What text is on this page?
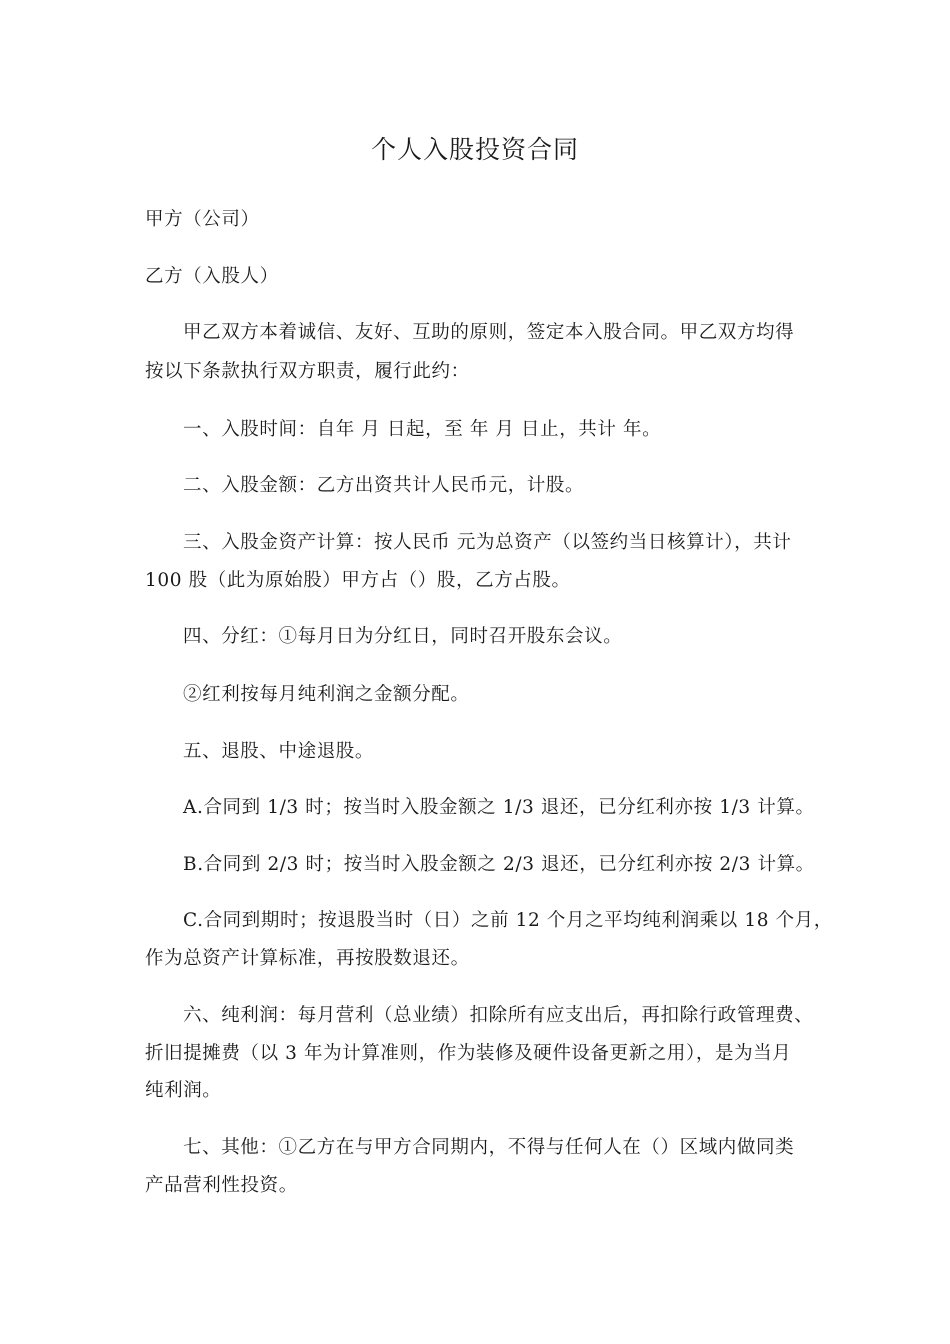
个人入股投资合同
甲方（公司）
乙方（入股人）
甲乙双方本着诚信、友好、互助的原则，签定本入股合同。甲乙双方均得
按以下条款执行双方职责，履行此约：
一、入股时间：自年 月 日起，至 年 月 日止，共计 年。
二、入股金额：乙方出资共计人民币元，计股。
三、入股金资产计算：按人民币 元为总资产（以签约当日核算计），共计
100 股（此为原始股）甲方占（）股，乙方占股。
四、分红：①每月日为分红日，同时召开股东会议。
②红利按每月纯利润之金额分配。
五、退股、中途退股。
A.合同到 1/3 时；按当时入股金额之 1/3 退还，已分红利亦按 1/3 计算。
B.合同到 2/3 时；按当时入股金额之 2/3 退还，已分红利亦按 2/3 计算。
C.合同到期时；按退股当时（日）之前 12 个月之平均纯利润乘以 18 个月，
作为总资产计算标准，再按股数退还。
六、纯利润：每月营利（总业绩）扣除所有应支出后，再扣除行政管理费、
折旧提摊费（以 3 年为计算准则，作为装修及硬件设备更新之用），是为当月
纯利润。
七、其他：①乙方在与甲方合同期内，不得与任何人在（）区域内做同类
产品营利性投资。
